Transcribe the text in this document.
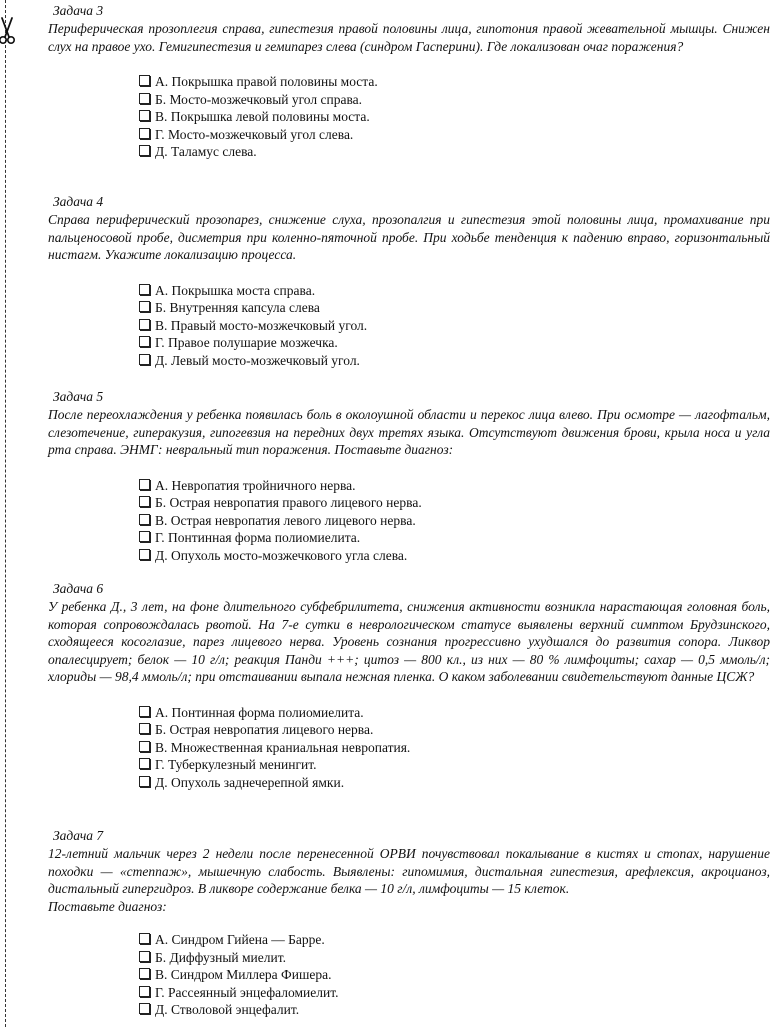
Задача 3

Периферическая прозоплегия справа, гипестезия правой половины лица, гипотония правой жевательной мышцы. Снижен слух на правое ухо. Гемигипестезия и гемипарез слева (синдром Гасперини). Где локализован очаг поражения?

А. Покрышка правой половины моста.
Б. Мосто-мозжечковый угол справа.
В. Покрышка левой половины моста.
Г. Мосто-мозжечковый угол слева.
Д. Таламус слева.
Задача 4

Справа периферический прозопарез, снижение слуха, прозопалгия и гипестезия этой половины лица, промахивание при пальценосовой пробе, дисметрия при коленно-пяточной пробе. При ходьбе тенденция к падению вправо, горизонтальный нистагм. Укажите локализацию процесса.

А. Покрышка моста справа.
Б. Внутренняя капсула слева
В. Правый мосто-мозжечковый угол.
Г. Правое полушарие мозжечка.
Д. Левый мосто-мозжечковый угол.
Задача 5

После переохлаждения у ребенка появилась боль в околоушной области и перекос лица влево. При осмотре — лагофтальм, слезотечение, гиперакузия, гипогевзия на передних двух третях языка. Отсутствуют движения брови, крыла носа и угла рта справа. ЭНМГ: невральный тип поражения. Поставьте диагноз:

А. Невропатия тройничного нерва.
Б. Острая невропатия правого лицевого нерва.
В. Острая невропатия левого лицевого нерва.
Г. Понтинная форма полиомиелита.
Д. Опухоль мосто-мозжечкового угла слева.
Задача 6

У ребенка Д., 3 лет, на фоне длительного субфебрилитета, снижения активности возникла нарастающая головная боль, которая сопровождалась рвотой. На 7-е сутки в неврологическом статусе выявлены верхний симптом Брудзинского, сходящееся косоглазие, парез лицевого нерва. Уровень сознания прогрессивно ухудшался до развития сопора. Ликвор опалесцирует; белок — 10 г/л; реакция Панди +++; цитоз — 800 кл., из них — 80 % лимфоциты; сахар — 0,5 ммоль/л; хлориды — 98,4 ммоль/л; при отстаивании выпала нежная пленка. О каком заболевании свидетельствуют данные ЦСЖ?

А. Понтинная форма полиомиелита.
Б. Острая невропатия лицевого нерва.
В. Множественная краниальная невропатия.
Г. Туберкулезный менингит.
Д. Опухоль заднечерепной ямки.
Задача 7

12-летний мальчик через 2 недели после перенесенной ОРВИ почувствовал покалывание в кистях и стопах, нарушение походки — «степпаж», мышечную слабость. Выявлены: гипомимия, дистальная гипестезия, арефлексия, акроцианоз, дистальный гипергидроз. В ликворе содержание белка — 10 г/л, лимфоциты — 15 клеток.

Поставьте диагноз:

А. Синдром Гийена — Барре.
Б. Диффузный миелит.
В. Синдром Миллера Фишера.
Г. Рассеянный энцефаломиелит.
Д. Стволовой энцефалит.
